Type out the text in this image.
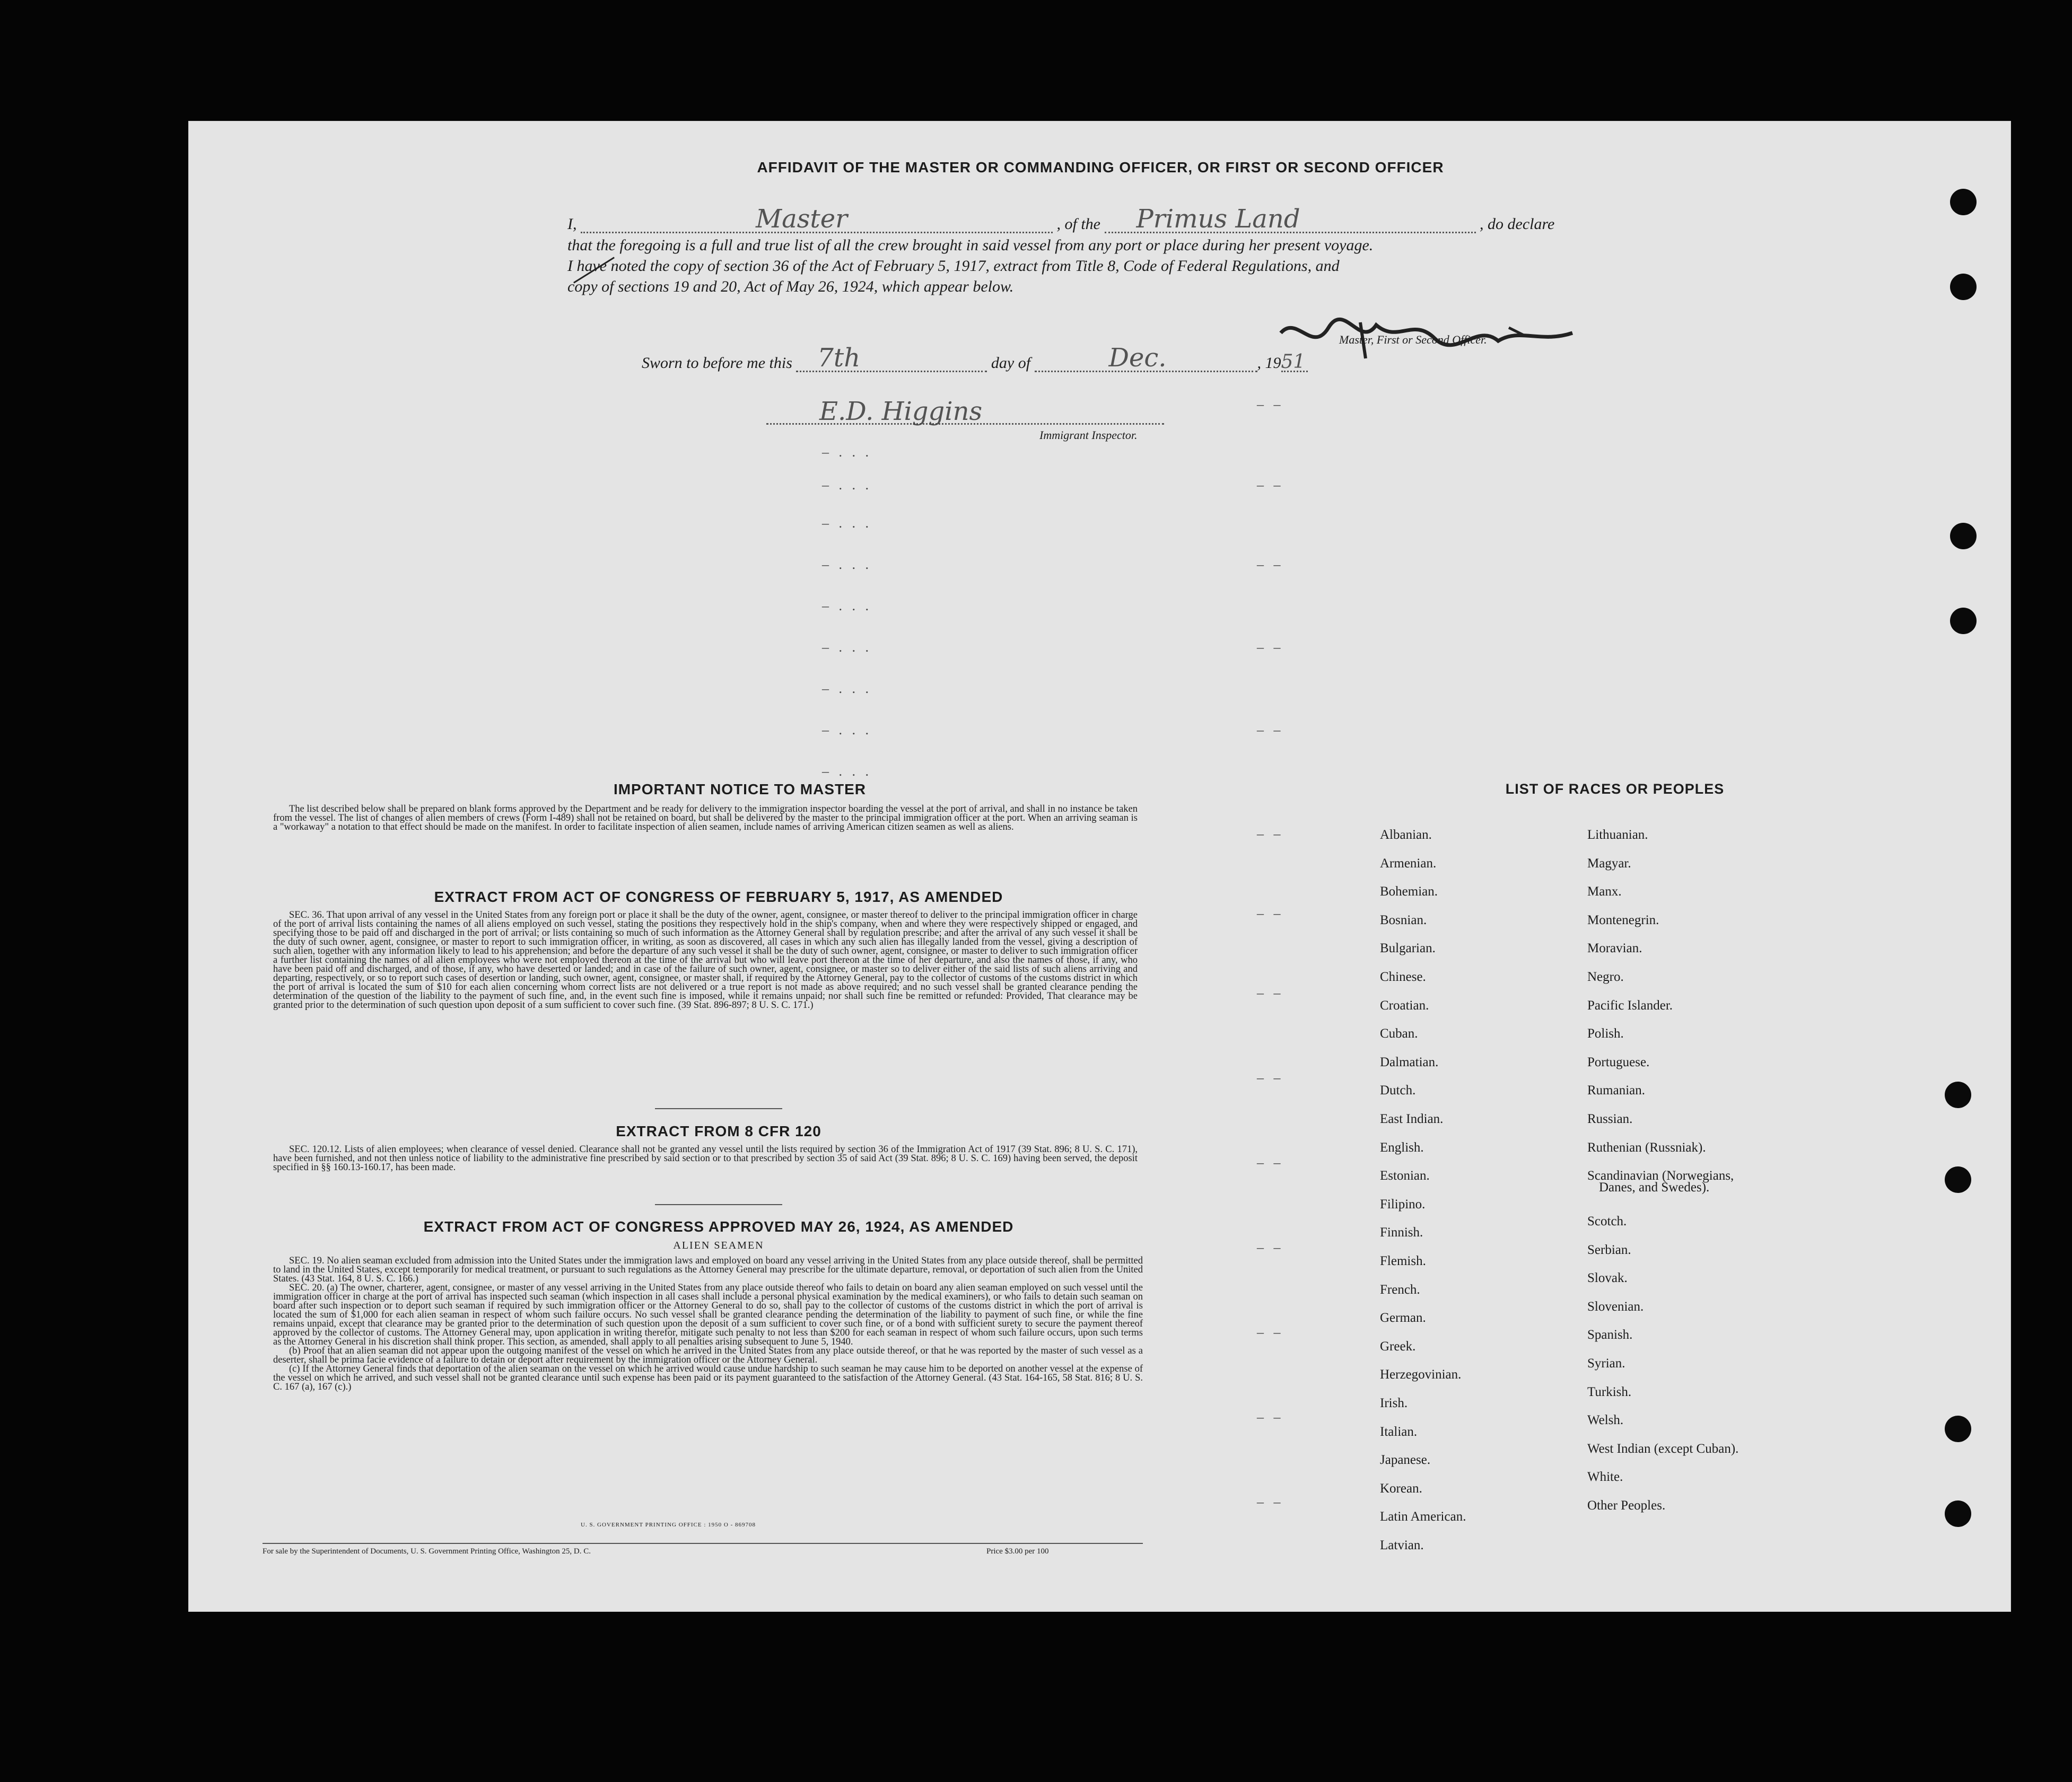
AFFIDAVIT OF THE MASTER OR COMMANDING OFFICER, OR FIRST OR SECOND OFFICER
I,	Master	, of the Primus Land	, do declare
that the foregoing is a full and true list of all the crew brought in said vessel from any port or place during her present voyage.
I have noted the copy of section 36 of the Act of February 5, 1917, extract from Title 8, Code of Federal Regulations, and
copy of sections 19 and 20, Act of May 26, 1924, which appear below.
Master, First or Second Officer.
Sworn to before me this 7th	day of	Dec.	, 19 51
E.D. Higgins
Immigrant Inspector.
– . . .
– . . .
– . . .
– . . .
– . . .
– . . .
– . . .
– . . .
– . . .
– –
– –
– –
– –
– –
– –
– –
– –
– –
– –
– –
– –
– –
– –
IMPORTANT NOTICE TO MASTER

The list described below shall be prepared on blank forms approved by the Department and be ready for delivery to the immigration inspector boarding the vessel at the port of arrival, and shall in no instance be taken from the vessel. The list of changes of alien members of crews (Form I-489) shall not be retained on board, but shall be delivered by the master to the principal immigration officer at the port. When an arriving seaman is a "workaway" a notation to that effect should be made on the manifest. In order to facilitate inspection of alien seamen, include names of arriving American citizen seamen as well as aliens.

EXTRACT FROM ACT OF CONGRESS OF FEBRUARY 5, 1917, AS AMENDED

SEC. 36. That upon arrival of any vessel in the United States from any foreign port or place it shall be the duty of the owner, agent, consignee, or master thereof to deliver to the principal immigration officer in charge of the port of arrival lists containing the names of all aliens employed on such vessel, stating the positions they respectively hold in the ship's company, when and where they were respectively shipped or engaged, and specifying those to be paid off and discharged in the port of arrival; or lists containing so much of such information as the Attorney General shall by regulation prescribe; and after the arrival of any such vessel it shall be the duty of such owner, agent, consignee, or master to report to such immigration officer, in writing, as soon as discovered, all cases in which any such alien has illegally landed from the vessel, giving a description of such alien, together with any information likely to lead to his apprehension; and before the departure of any such vessel it shall be the duty of such owner, agent, consignee, or master to deliver to such immigration officer a further list containing the names of all alien employees who were not employed thereon at the time of the arrival but who will leave port thereon at the time of her departure, and also the names of those, if any, who have been paid off and discharged, and of those, if any, who have deserted or landed; and in case of the failure of such owner, agent, consignee, or master so to deliver either of the said lists of such aliens arriving and departing, respectively, or so to report such cases of desertion or landing, such owner, agent, consignee, or master shall, if required by the Attorney General, pay to the collector of customs of the customs district in which the port of arrival is located the sum of $10 for each alien concerning whom correct lists are not delivered or a true report is not made as above required; and no such vessel shall be granted clearance pending the determination of the question of the liability to the payment of such fine, and, in the event such fine is imposed, while it remains unpaid; nor shall such fine be remitted or refunded: Provided, That clearance may be granted prior to the determination of such question upon deposit of a sum sufficient to cover such fine. (39 Stat. 896-897; 8 U. S. C. 171.)

EXTRACT FROM 8 CFR 120

SEC. 120.12. Lists of alien employees; when clearance of vessel denied. Clearance shall not be granted any vessel until the lists required by section 36 of the Immigration Act of 1917 (39 Stat. 896; 8 U. S. C. 171), have been furnished, and not then unless notice of liability to the administrative fine prescribed by said section or to that prescribed by section 35 of said Act (39 Stat. 896; 8 U. S. C. 169) having been served, the deposit specified in §§ 160.13-160.17, has been made.

EXTRACT FROM ACT OF CONGRESS APPROVED MAY 26, 1924, AS AMENDED
ALIEN SEAMEN

SEC. 19. No alien seaman excluded from admission into the United States under the immigration laws and employed on board any vessel arriving in the United States from any place outside thereof, shall be permitted to land in the United States, except temporarily for medical treatment, or pursuant to such regulations as the Attorney General may prescribe for the ultimate departure, removal, or deportation of such alien from the United States. (43 Stat. 164, 8 U. S. C. 166.)

SEC. 20. (a) The owner, charterer, agent, consignee, or master of any vessel arriving in the United States from any place outside thereof who fails to detain on board any alien seaman employed on such vessel until the immigration officer in charge at the port of arrival has inspected such seaman (which inspection in all cases shall include a personal physical examination by the medical examiners), or who fails to detain such seaman on board after such inspection or to deport such seaman if required by such immigration officer or the Attorney General to do so, shall pay to the collector of customs of the customs district in which the port of arrival is located the sum of $1,000 for each alien seaman in respect of whom such failure occurs. No such vessel shall be granted clearance pending the determination of the liability to payment of such fine, or while the fine remains unpaid, except that clearance may be granted prior to the determination of such question upon the deposit of a sum sufficient to cover such fine, or of a bond with sufficient surety to secure the payment thereof approved by the collector of customs. The Attorney General may, upon application in writing therefor, mitigate such penalty to not less than $200 for each seaman in respect of whom such failure occurs, upon such terms as the Attorney General in his discretion shall think proper. This section, as amended, shall apply to all penalties arising subsequent to June 5, 1940.

(b) Proof that an alien seaman did not appear upon the outgoing manifest of the vessel on which he arrived in the United States from any place outside thereof, or that he was reported by the master of such vessel as a deserter, shall be prima facie evidence of a failure to detain or deport after requirement by the immigration officer or the Attorney General.

(c) If the Attorney General finds that deportation of the alien seaman on the vessel on which he arrived would cause undue hardship to such seaman he may cause him to be deported on another vessel at the expense of the vessel on which he arrived, and such vessel shall not be granted clearance until such expense has been paid or its payment guaranteed to the satisfaction of the Attorney General. (43 Stat. 164-165, 58 Stat. 816; 8 U. S. C. 167 (a), 167 (c).)

U. S. GOVERNMENT PRINTING OFFICE : 1950 O - 869708
For sale by the Superintendent of Documents, U. S. Government Printing Office, Washington 25, D. C.	Price $3.00 per 100
LIST OF RACES OR PEOPLES
Albanian.
Armenian.
Bohemian.
Bosnian.
Bulgarian.
Chinese.
Croatian.
Cuban.
Dalmatian.
Dutch.
East Indian.
English.
Estonian.
Filipino.
Finnish.
Flemish.
French.
German.
Greek.
Herzegovinian.
Irish.
Italian.
Japanese.
Korean.
Latin American.
Latvian.
Lithuanian.
Magyar.
Manx.
Montenegrin.
Moravian.
Negro.
Pacific Islander.
Polish.
Portuguese.
Rumanian.
Russian.
Ruthenian (Russniak).
Scandinavian (Norwegians,
Danes, and Swedes).
Scotch.
Serbian.
Slovak.
Slovenian.
Spanish.
Syrian.
Turkish.
Welsh.
West Indian (except Cuban).
White.
Other Peoples.
